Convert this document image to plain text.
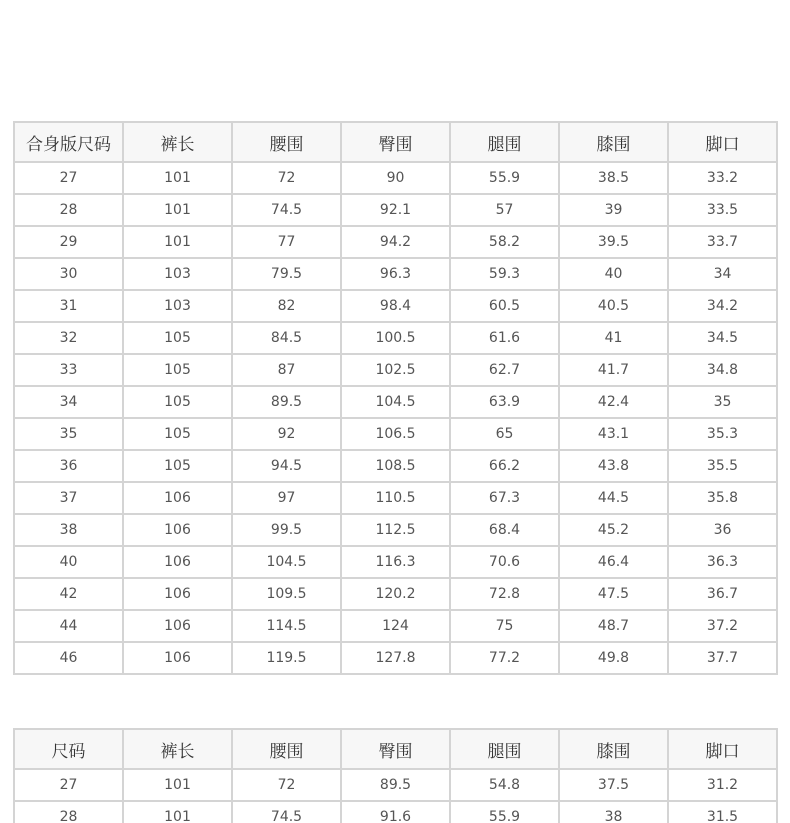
合身版尺码	裤长	腰围	臀围	腿围	膝围	脚口
27	101	72	90	55.9	38.5	33.2
28	101	74.5	92.1	57	39	33.5
29	101	77	94.2	58.2	39.5	33.7
30	103	79.5	96.3	59.3	40	34
31	103	82	98.4	60.5	40.5	34.2
32	105	84.5	100.5	61.6	41	34.5
33	105	87	102.5	62.7	41.7	34.8
34	105	89.5	104.5	63.9	42.4	35
35	105	92	106.5	65	43.1	35.3
36	105	94.5	108.5	66.2	43.8	35.5
37	106	97	110.5	67.3	44.5	35.8
38	106	99.5	112.5	68.4	45.2	36
40	106	104.5	116.3	70.6	46.4	36.3
42	106	109.5	120.2	72.8	47.5	36.7
44	106	114.5	124	75	48.7	37.2
46	106	119.5	127.8	77.2	49.8	37.7
尺码	裤长	腰围	臀围	腿围	膝围	脚口
27	101	72	89.5	54.8	37.5	31.2
28	101	74.5	91.6	55.9	38	31.5
